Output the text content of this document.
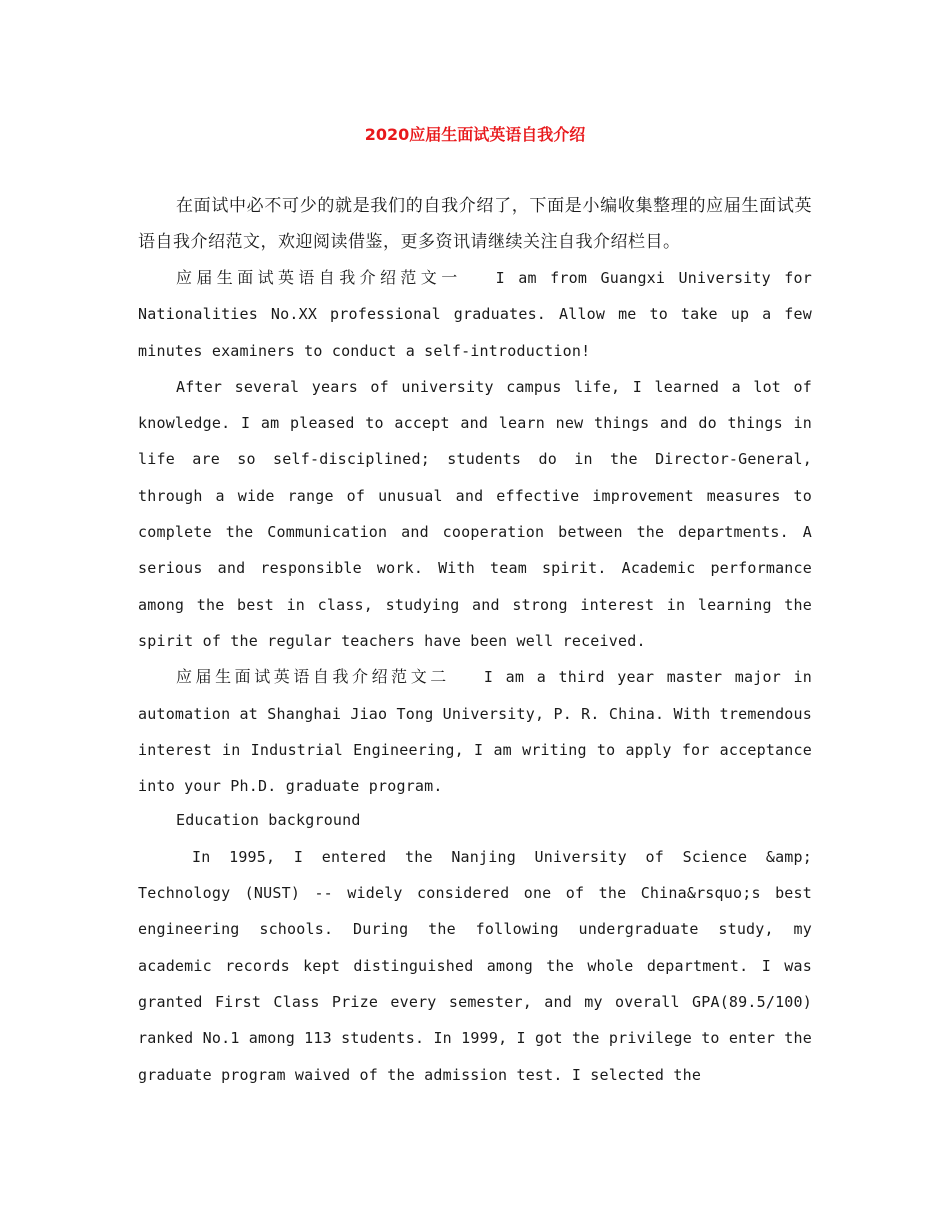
2020应届生面试英语自我介绍

在面试中必不可少的就是我们的自我介绍了，下面是小编收集整理的应届生面试英语自我介绍范文，欢迎阅读借鉴，更多资讯请继续关注自我介绍栏目。

应届生面试英语自我介绍范文一 I am from Guangxi University for Nationalities No.XX professional graduates. Allow me to take up a few minutes examiners to conduct a self-introduction!

After several years of university campus life, I learned a lot of knowledge. I am pleased to accept and learn new things and do things in life are so self-disciplined; students do in the Director-General, through a wide range of unusual and effective improvement measures to complete the Communication and cooperation between the departments. A serious and responsible work. With team spirit. Academic performance among the best in class, studying and strong interest in learning the spirit of the regular teachers have been well received.

应届生面试英语自我介绍范文二 I am a third year master major in automation at Shanghai Jiao Tong University, P. R. China. With tremendous interest in Industrial Engineering, I am writing to apply for acceptance into your Ph.D. graduate program.

Education background

In 1995, I entered the Nanjing University of Science &amp; Technology (NUST) -- widely considered one of the China&rsquo;s best engineering schools. During the following undergraduate study, my academic records kept distinguished among the whole department. I was granted First Class Prize every semester, and my overall GPA(89.5/100) ranked No.1 among 113 students. In 1999, I got the privilege to enter the graduate program waived of the admission test. I selected the
